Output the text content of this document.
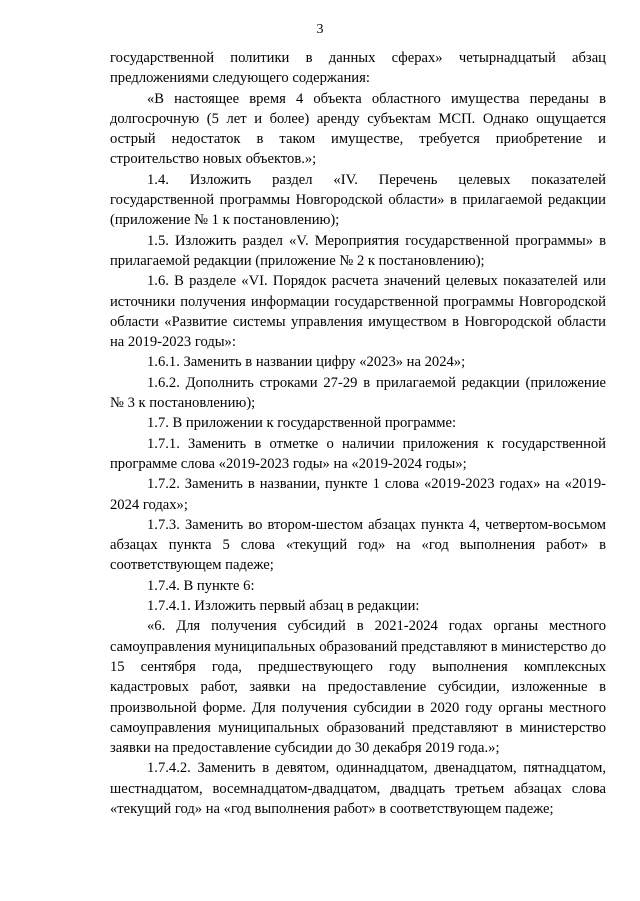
3

государственной политики в данных сферах» четырнадцатый абзац предложениями следующего содержания:

«В настоящее время 4 объекта областного имущества переданы в долгосрочную (5 лет и более) аренду субъектам МСП. Однако ощущается острый недостаток в таком имуществе, требуется приобретение и строительство новых объектов.»;

1.4. Изложить раздел «IV. Перечень целевых показателей государственной программы Новгородской области» в прилагаемой редакции (приложение № 1 к постановлению);

1.5. Изложить раздел «V. Мероприятия государственной программы» в прилагаемой редакции (приложение № 2 к постановлению);

1.6. В разделе «VI. Порядок расчета значений целевых показателей или источники получения информации государственной программы Новгородской области «Развитие системы управления имуществом в Новгородской области на 2019-2023 годы»:

1.6.1. Заменить в названии цифру «2023» на 2024»;

1.6.2. Дополнить строками 27-29 в прилагаемой редакции (приложение № 3 к постановлению);

1.7. В приложении к государственной программе:

1.7.1. Заменить в отметке о наличии приложения к государственной программе слова «2019-2023 годы» на «2019-2024 годы»;

1.7.2. Заменить в названии, пункте 1 слова «2019-2023 годах» на «2019-2024 годах»;

1.7.3. Заменить во втором-шестом абзацах пункта 4, четвертом-восьмом абзацах пункта 5 слова «текущий год» на «год выполнения работ» в соответствующем падеже;

1.7.4. В пункте 6:

1.7.4.1. Изложить первый абзац в редакции:

«6. Для получения субсидий в 2021-2024 годах органы местного самоуправления муниципальных образований представляют в министерство до 15 сентября года, предшествующего году выполнения комплексных кадастровых работ, заявки на предоставление субсидии, изложенные в произвольной форме. Для получения субсидии в 2020 году органы местного самоуправления муниципальных образований представляют в министерство заявки на предоставление субсидии до 30 декабря 2019 года.»;

1.7.4.2. Заменить в девятом, одиннадцатом, двенадцатом, пятнадцатом, шестнадцатом, восемнадцатом-двадцатом, двадцать третьем абзацах слова «текущий год» на «год выполнения работ» в соответствующем падеже;
